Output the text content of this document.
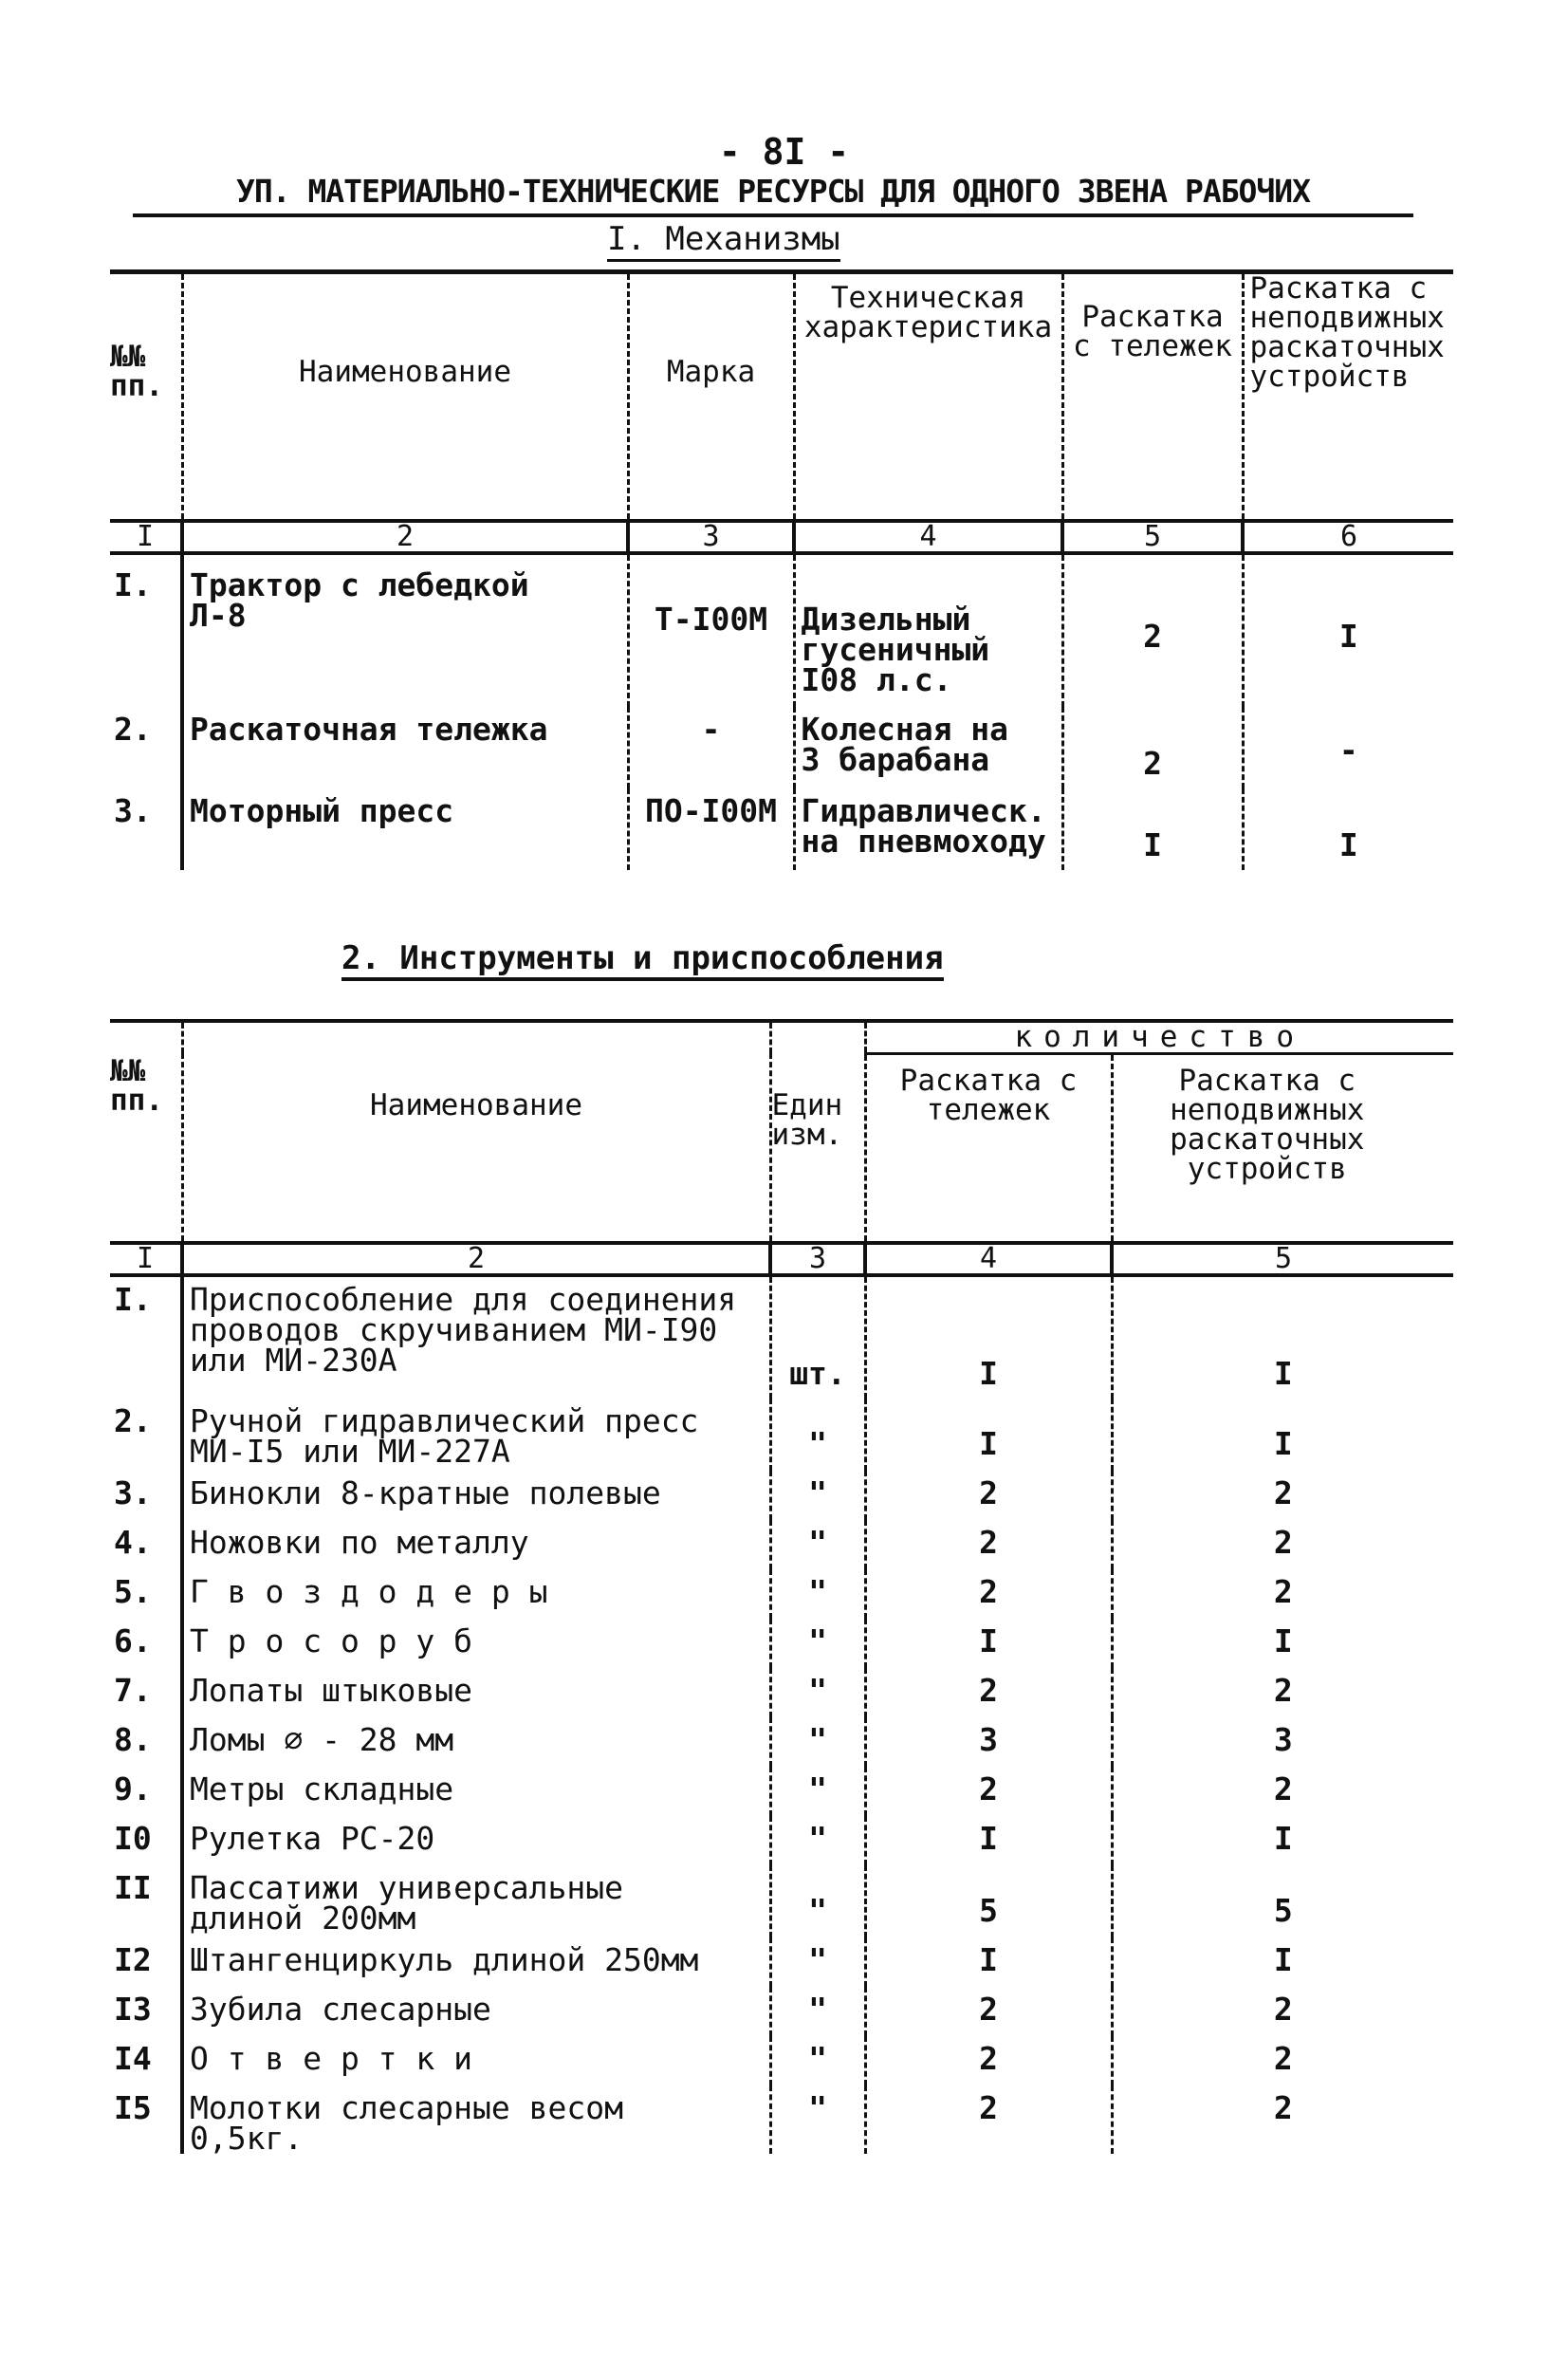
- 8I -
УП. МАТЕРИАЛЬНО-ТЕХНИЧЕСКИЕ РЕСУРСЫ ДЛЯ ОДНОГО ЗВЕНА РАБОЧИХ
I. Механизмы
№№ пп.	Наименование	Марка	Техническая характеристика	Раскатка с тележек	Раскатка с неподвижных раскаточных устройств
I	2	3	4	5	6
I.	Трактор с лебедкой Л-8	Т-I00М	Дизельный гусеничный I08 л.с.	2	I
2.	Раскаточная тележка	-	Колесная на 3 барабана	2	-
3.	Моторный пресс	ПО-I00М	Гидравлическ. на пневмоходу	I	I
2. Инструменты и приспособления
№№ пп.	Наименование	Един изм.	количество	
			Раскатка с тележек	Раскатка с неподвижных раскаточных устройств
I	2	3	4	5
I.	Приспособление для соединения проводов скручиванием МИ-I90 или МИ-230А	шт.	I	I
2.	Ручной гидравлический пресс МИ-I5 или МИ-227А	"	I	I
3.	Бинокли 8-кратные полевые	"	2	2
4.	Ножовки по металлу	"	2	2
5.	Г в о з д о д е р ы	"	2	2
6.	Т р о с о р у б	"	I	I
7.	Лопаты штыковые	"	2	2
8.	Ломы ∅ - 28 мм	"	3	3
9.	Метры складные	"	2	2
I0	Рулетка РС-20	"	I	I
II	Пассатижи универсальные длиной 200мм	"	5	5
I2	Штангенциркуль длиной 250мм	"	I	I
I3	Зубила слесарные	"	2	2
I4	О т в е р т к и	"	2	2
I5	Молотки слесарные весом 0,5кг.	"	2	2
